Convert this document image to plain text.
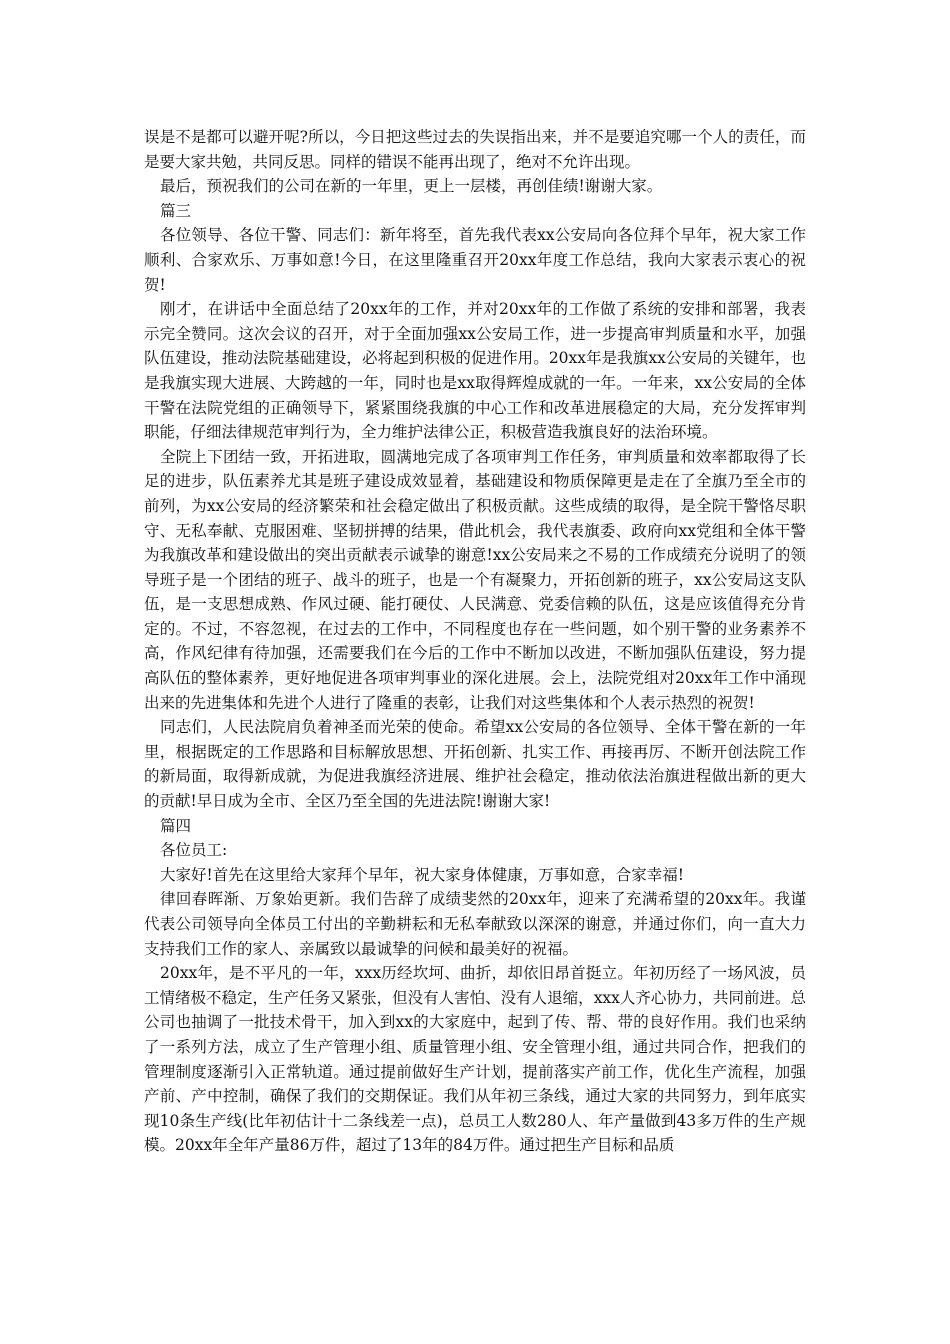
误是不是都可以避开呢?所以，今日把这些过去的失误指出来，并不是要追究哪一个人的责任，而是要大家共勉，共同反思。同样的错误不能再出现了，绝对不允许出现。

最后，预祝我们的公司在新的一年里，更上一层楼，再创佳绩!谢谢大家。

篇三

各位领导、各位干警、同志们：新年将至，首先我代表xx公安局向各位拜个早年，祝大家工作顺利、合家欢乐、万事如意!今日，在这里隆重召开20xx年度工作总结，我向大家表示衷心的祝贺!

刚才，在讲话中全面总结了20xx年的工作，并对20xx年的工作做了系统的安排和部署，我表示完全赞同。这次会议的召开，对于全面加强xx公安局工作，进一步提高审判质量和水平，加强队伍建设，推动法院基础建设，必将起到积极的促进作用。20xx年是我旗xx公安局的关键年，也是我旗实现大进展、大跨越的一年，同时也是xx取得辉煌成就的一年。一年来，xx公安局的全体干警在法院党组的正确领导下，紧紧围绕我旗的中心工作和改革进展稳定的大局，充分发挥审判职能，仔细法律规范审判行为，全力维护法律公正，积极营造我旗良好的法治环境。

全院上下团结一致，开拓进取，圆满地完成了各项审判工作任务，审判质量和效率都取得了长足的进步，队伍素养尤其是班子建设成效显着，基础建设和物质保障更是走在了全旗乃至全市的前列，为xx公安局的经济繁荣和社会稳定做出了积极贡献。这些成绩的取得，是全院干警恪尽职守、无私奉献、克服困难、坚韧拼搏的结果，借此机会，我代表旗委、政府向xx党组和全体干警为我旗改革和建设做出的突出贡献表示诚挚的谢意!xx公安局来之不易的工作成绩充分说明了的领导班子是一个团结的班子、战斗的班子，也是一个有凝聚力，开拓创新的班子，xx公安局这支队伍，是一支思想成熟、作风过硬、能打硬仗、人民满意、党委信赖的队伍，这是应该值得充分肯定的。不过，不容忽视，在过去的工作中，不同程度也存在一些问题，如个别干警的业务素养不高，作风纪律有待加强，还需要我们在今后的工作中不断加以改进，不断加强队伍建设，努力提高队伍的整体素养，更好地促进各项审判事业的深化进展。会上，法院党组对20xx年工作中涌现出来的先进集体和先进个人进行了隆重的表彰，让我们对这些集体和个人表示热烈的祝贺!

同志们，人民法院肩负着神圣而光荣的使命。希望xx公安局的各位领导、全体干警在新的一年里，根据既定的工作思路和目标解放思想、开拓创新、扎实工作、再接再厉、不断开创法院工作的新局面，取得新成就，为促进我旗经济进展、维护社会稳定，推动依法治旗进程做出新的更大的贡献!早日成为全市、全区乃至全国的先进法院!谢谢大家!

篇四

各位员工:

大家好!首先在这里给大家拜个早年，祝大家身体健康，万事如意，合家幸福!

律回春晖渐、万象始更新。我们告辞了成绩斐然的20xx年，迎来了充满希望的20xx年。我谨代表公司领导向全体员工付出的辛勤耕耘和无私奉献致以深深的谢意，并通过你们，向一直大力支持我们工作的家人、亲属致以最诚挚的问候和最美好的祝福。

20xx年，是不平凡的一年，xxx历经坎坷、曲折，却依旧昂首挺立。年初历经了一场风波，员工情绪极不稳定，生产任务又紧张，但没有人害怕、没有人退缩，xxx人齐心协力，共同前进。总公司也抽调了一批技术骨干，加入到xx的大家庭中，起到了传、帮、带的良好作用。我们也采纳了一系列方法，成立了生产管理小组、质量管理小组、安全管理小组，通过共同合作，把我们的管理制度逐渐引入正常轨道。通过提前做好生产计划，提前落实产前工作，优化生产流程，加强产前、产中控制，确保了我们的交期保证。我们从年初三条线，通过大家的共同努力，到年底实现10条生产线(比年初估计十二条线差一点)，总员工人数280人、年产量做到43多万件的生产规模。20xx年全年产量86万件，超过了13年的84万件。通过把生产目标和品质
